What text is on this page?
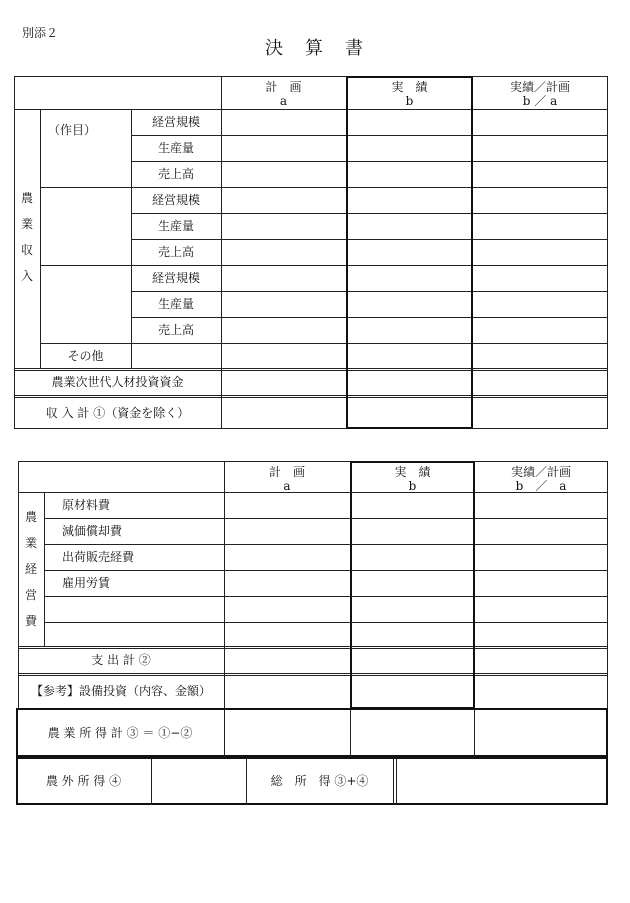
別添２
決　算　書
計　画
a
実　績
b
実績／計画
b ／ a
農
業
収
入
（作目）
経営規模
生産量
売上高
経営規模
生産量
売上高
経営規模
生産量
売上高
その他
農業次世代人材投資資金
収 入 計 ①（資金を除く）
計　画
a
実　績
b
実績／計画
b　／　a
農
業
経
営
費
原材料費
減価償却費
出荷販売経費
雇用労賃
支 出 計 ②
【参考】設備投資（内容、金額）
農 業 所 得 計 ③ ＝ ①−②
農 外 所 得 ④	総　所　得 ③+④
